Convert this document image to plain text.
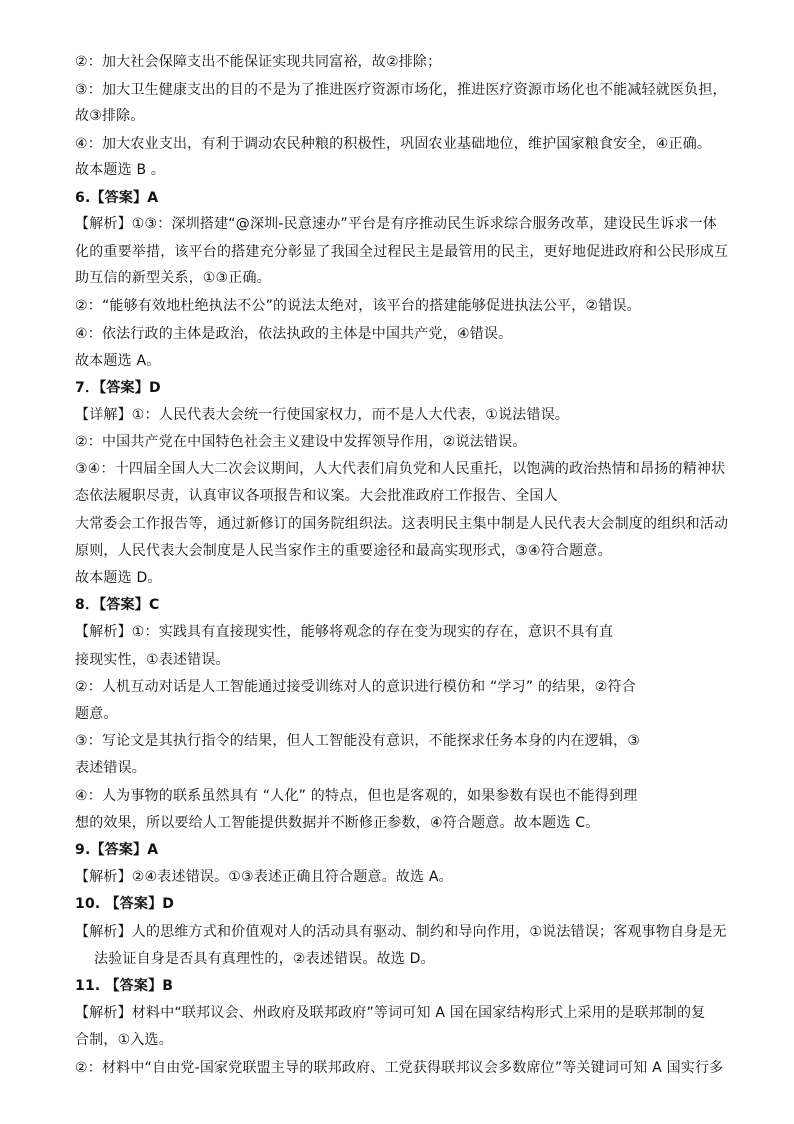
②：加大社会保障支出不能保证实现共同富裕，故②排除；
③：加大卫生健康支出的目的不是为了推进医疗资源市场化，推进医疗资源市场化也不能减轻就医负担，
故③排除。
④：加大农业支出，有利于调动农民种粮的积极性，巩固农业基础地位，维护国家粮食安全，④正确。
故本题选 B 。
6.【答案】A
【解析】①③：深圳搭建“@深圳-民意速办”平台是有序推动民生诉求综合服务改革，建设民生诉求一体
化的重要举措，该平台的搭建充分彰显了我国全过程民主是最管用的民主，更好地促进政府和公民形成互
助互信的新型关系，①③正确。
②：“能够有效地杜绝执法不公”的说法太绝对，该平台的搭建能够促进执法公平，②错误。
④：依法行政的主体是政治，依法执政的主体是中国共产党，④错误。
故本题选 A。
7．【答案】D
【详解】①：人民代表大会统一行使国家权力，而不是人大代表，①说法错误。
②：中国共产党在中国特色社会主义建设中发挥领导作用，②说法错误。
③④：十四届全国人大二次会议期间，人大代表们肩负党和人民重托，以饱满的政治热情和昂扬的精神状
态依法履职尽责，认真审议各项报告和议案。大会批准政府工作报告、全国人
大常委会工作报告等，通过新修订的国务院组织法。这表明民主集中制是人民代表大会制度的组织和活动
原则，人民代表大会制度是人民当家作主的重要途径和最高实现形式，③④符合题意。
故本题选 D。
8．【答案】C
【解析】①：实践具有直接现实性，能够将观念的存在变为现实的存在，意识不具有直
接现实性，①表述错误。
②：人机互动对话是人工智能通过接受训练对人的意识进行模仿和 “学习” 的结果，②符合
题意。
③：写论文是其执行指令的结果，但人工智能没有意识，不能探求任务本身的内在逻辑，③
表述错误。
④：人为事物的联系虽然具有 “人化” 的特点，但也是客观的，如果参数有误也不能得到理
想的效果，所以要给人工智能提供数据并不断修正参数，④符合题意。故本题选 C。
9.【答案】A
【解析】②④表述错误。①③表述正确且符合题意。故选 A。
10. 【答案】D
【解析】人的思维方式和价值观对人的活动具有驱动、制约和导向作用，①说法错误；客观事物自身是无
法验证自身是否具有真理性的，②表述错误。故选 D。
11. 【答案】B
【解析】材料中“联邦议会、州政府及联邦政府”等词可知 A 国在国家结构形式上采用的是联邦制的复
合制，①入选。
②：材料中“自由党-国家党联盟主导的联邦政府、工党获得联邦议会多数席位”等关键词可知 A 国实行多
